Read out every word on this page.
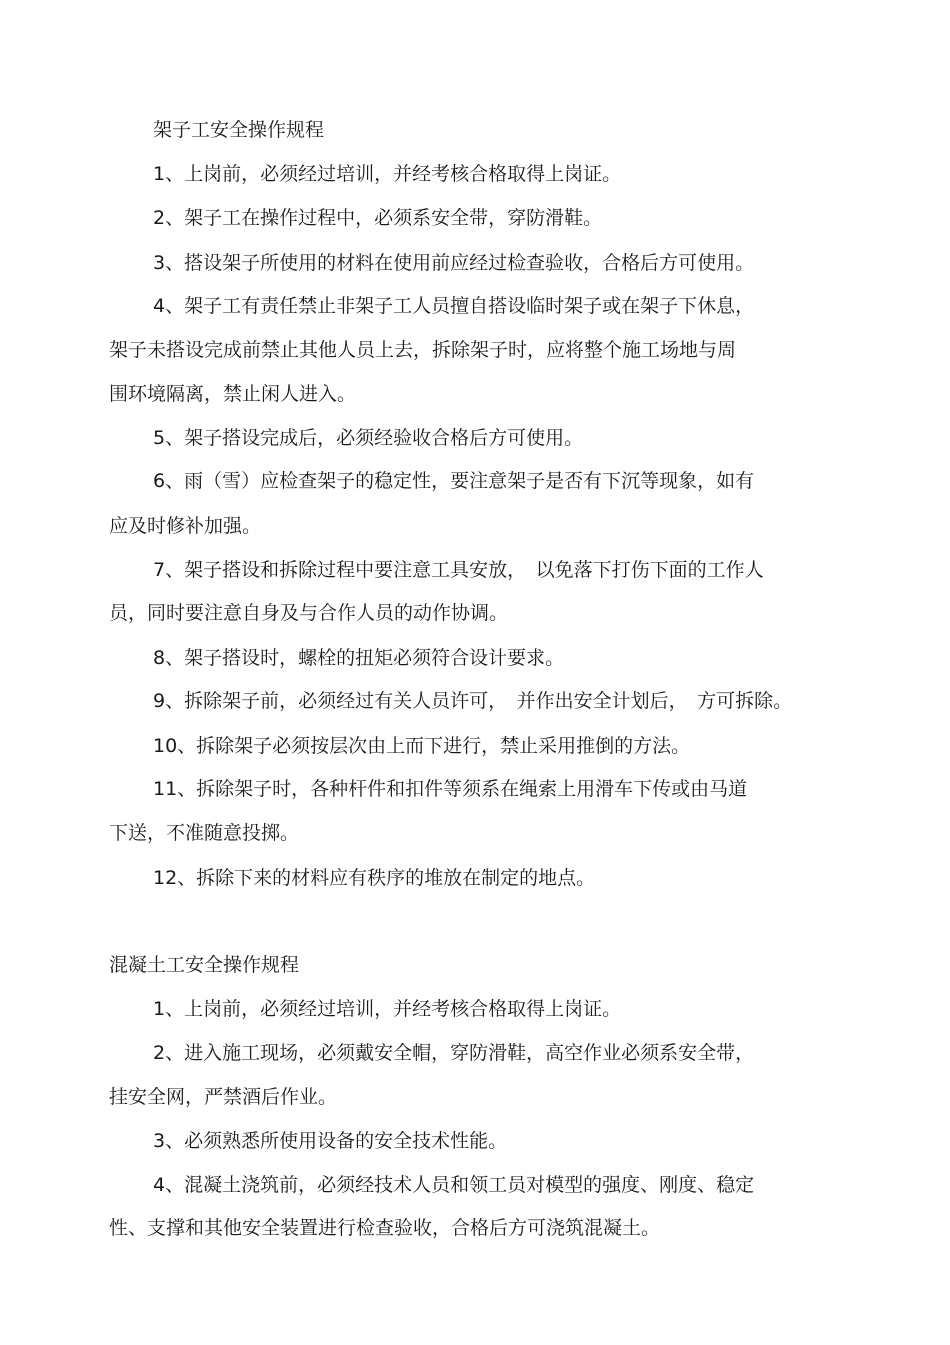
架子工安全操作规程
1、上岗前，必须经过培训，并经考核合格取得上岗证。
2、架子工在操作过程中，必须系安全带，穿防滑鞋。
3、搭设架子所使用的材料在使用前应经过检查验收，合格后方可使用。
4、架子工有责任禁止非架子工人员擅自搭设临时架子或在架子下休息，
架子未搭设完成前禁止其他人员上去，拆除架子时，应将整个施工场地与周
围环境隔离，禁止闲人进入。
5、架子搭设完成后，必须经验收合格后方可使用。
6、雨（雪）应检查架子的稳定性，要注意架子是否有下沉等现象，如有
应及时修补加强。
7、架子搭设和拆除过程中要注意工具安放，　以免落下打伤下面的工作人
员，同时要注意自身及与合作人员的动作协调。
8、架子搭设时，螺栓的扭矩必须符合设计要求。
9、拆除架子前，必须经过有关人员许可，　并作出安全计划后，　方可拆除。
10、拆除架子必须按层次由上而下进行，禁止采用推倒的方法。
11、拆除架子时，各种杆件和扣件等须系在绳索上用滑车下传或由马道
下送，不准随意投掷。
12、拆除下来的材料应有秩序的堆放在制定的地点。
混凝土工安全操作规程
1、上岗前，必须经过培训，并经考核合格取得上岗证。
2、进入施工现场，必须戴安全帽，穿防滑鞋，高空作业必须系安全带，
挂安全网，严禁酒后作业。
3、必须熟悉所使用设备的安全技术性能。
4、混凝土浇筑前，必须经技术人员和领工员对模型的强度、刚度、稳定
性、支撑和其他安全装置进行检查验收，合格后方可浇筑混凝土。
